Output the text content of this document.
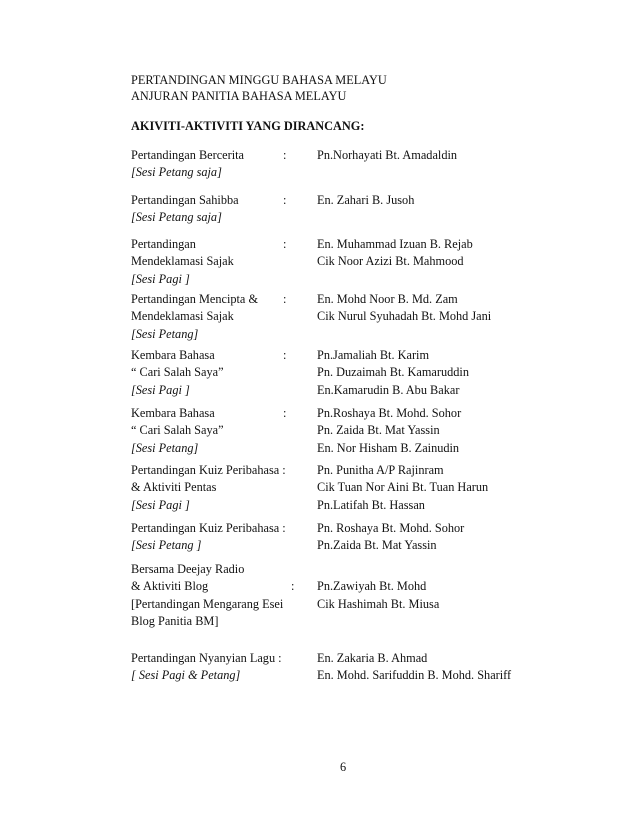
PERTANDINGAN MINGGU BAHASA MELAYU
ANJURAN PANITIA BAHASA MELAYU
AKIVITI-AKTIVITI YANG DIRANCANG:
Pertandingan Bercerita	: Pn.Norhayati Bt. Amadaldin
[Sesi Petang saja]
Pertandingan Sahibba	: En. Zahari B. Jusoh
[Sesi Petang saja]
Pertandingan	: En. Muhammad Izuan B. Rejab
Mendeklamasi Sajak	Cik Noor Azizi Bt. Mahmood
[Sesi Pagi ]
Pertandingan Mencipta & : En. Mohd Noor B. Md. Zam
Mendeklamasi Sajak	Cik Nurul Syuhadah Bt. Mohd Jani
[Sesi Petang]
Kembara Bahasa	: Pn.Jamaliah Bt. Karim
“ Cari Salah Saya”	Pn. Duzaimah Bt. Kamaruddin
[Sesi Pagi ]	En.Kamarudin B. Abu Bakar
Kembara Bahasa	: Pn.Roshaya Bt. Mohd. Sohor
“ Cari Salah Saya”	Pn. Zaida Bt. Mat Yassin
[Sesi Petang]	En. Nor Hisham B. Zainudin
Pertandingan Kuiz Peribahasa :	Pn. Punitha A/P Rajinram
& Aktiviti Pentas	Cik Tuan Nor Aini Bt. Tuan Harun
[Sesi Pagi ]	Pn.Latifah Bt. Hassan
Pertandingan Kuiz Peribahasa :	Pn. Roshaya Bt. Mohd. Sohor
[Sesi Petang ]	Pn.Zaida Bt. Mat Yassin
Bersama Deejay Radio
& Aktiviti Blog	: Pn.Zawiyah Bt. Mohd
[Pertandingan Mengarang Esei	Cik Hashimah Bt. Miusa
Blog Panitia BM]
Pertandingan Nyanyian Lagu :	En. Zakaria B. Ahmad
[ Sesi Pagi & Petang]	En. Mohd. Sarifuddin B. Mohd. Shariff
6
